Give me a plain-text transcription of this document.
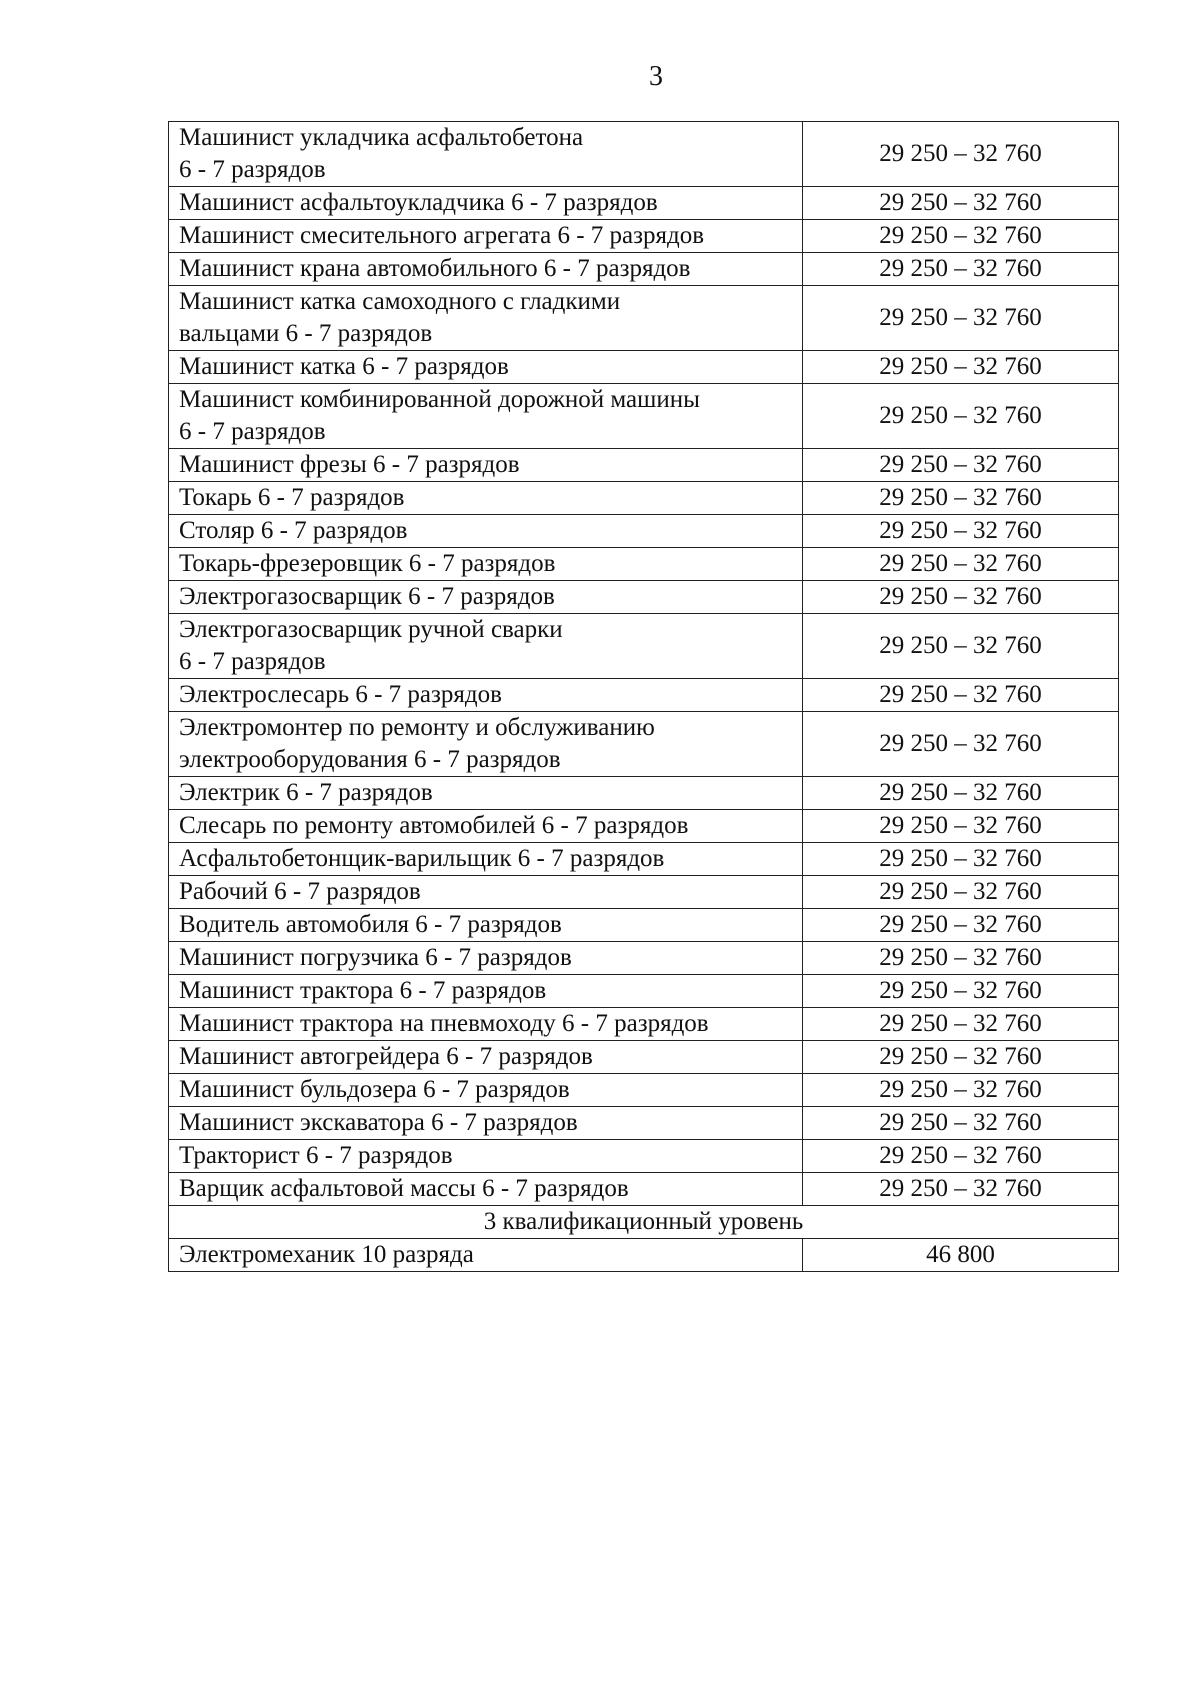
3
Машинист укладчика асфальтобетона
6 - 7 разрядов	29 250 – 32 760

Машинист асфальтоукладчика 6 - 7 разрядов	29 250 – 32 760

Машинист смесительного агрегата 6 - 7 разрядов	29 250 – 32 760

Машинист крана автомобильного 6 - 7 разрядов	29 250 – 32 760

Машинист катка самоходного с гладкими
вальцами 6 - 7 разрядов	29 250 – 32 760

Машинист катка 6 - 7 разрядов	29 250 – 32 760

Машинист комбинированной дорожной машины
6 - 7 разрядов	29 250 – 32 760

Машинист фрезы 6 - 7 разрядов	29 250 – 32 760

Токарь 6 - 7 разрядов	29 250 – 32 760

Столяр 6 - 7 разрядов	29 250 – 32 760

Токарь-фрезеровщик 6 - 7 разрядов	29 250 – 32 760

Электрогазосварщик 6 - 7 разрядов	29 250 – 32 760

Электрогазосварщик ручной сварки
6 - 7 разрядов	29 250 – 32 760

Электрослесарь 6 - 7 разрядов	29 250 – 32 760

Электромонтер по ремонту и обслуживанию
электрооборудования 6 - 7 разрядов	29 250 – 32 760

Электрик 6 - 7 разрядов	29 250 – 32 760

Слесарь по ремонту автомобилей 6 - 7 разрядов	29 250 – 32 760

Асфальтобетонщик-варильщик 6 - 7 разрядов	29 250 – 32 760

Рабочий 6 - 7 разрядов	29 250 – 32 760

Водитель автомобиля 6 - 7 разрядов	29 250 – 32 760

Машинист погрузчика 6 - 7 разрядов	29 250 – 32 760

Машинист трактора 6 - 7 разрядов	29 250 – 32 760

Машинист трактора на пневмоходу 6 - 7 разрядов	29 250 – 32 760

Машинист автогрейдера 6 - 7 разрядов	29 250 – 32 760

Машинист бульдозера 6 - 7 разрядов	29 250 – 32 760

Машинист экскаватора 6 - 7 разрядов	29 250 – 32 760

Тракторист 6 - 7 разрядов	29 250 – 32 760

Варщик асфальтовой массы 6 - 7 разрядов	29 250 – 32 760
3 квалификационный уровень	
Электромеханик 10 разряда	46 800
